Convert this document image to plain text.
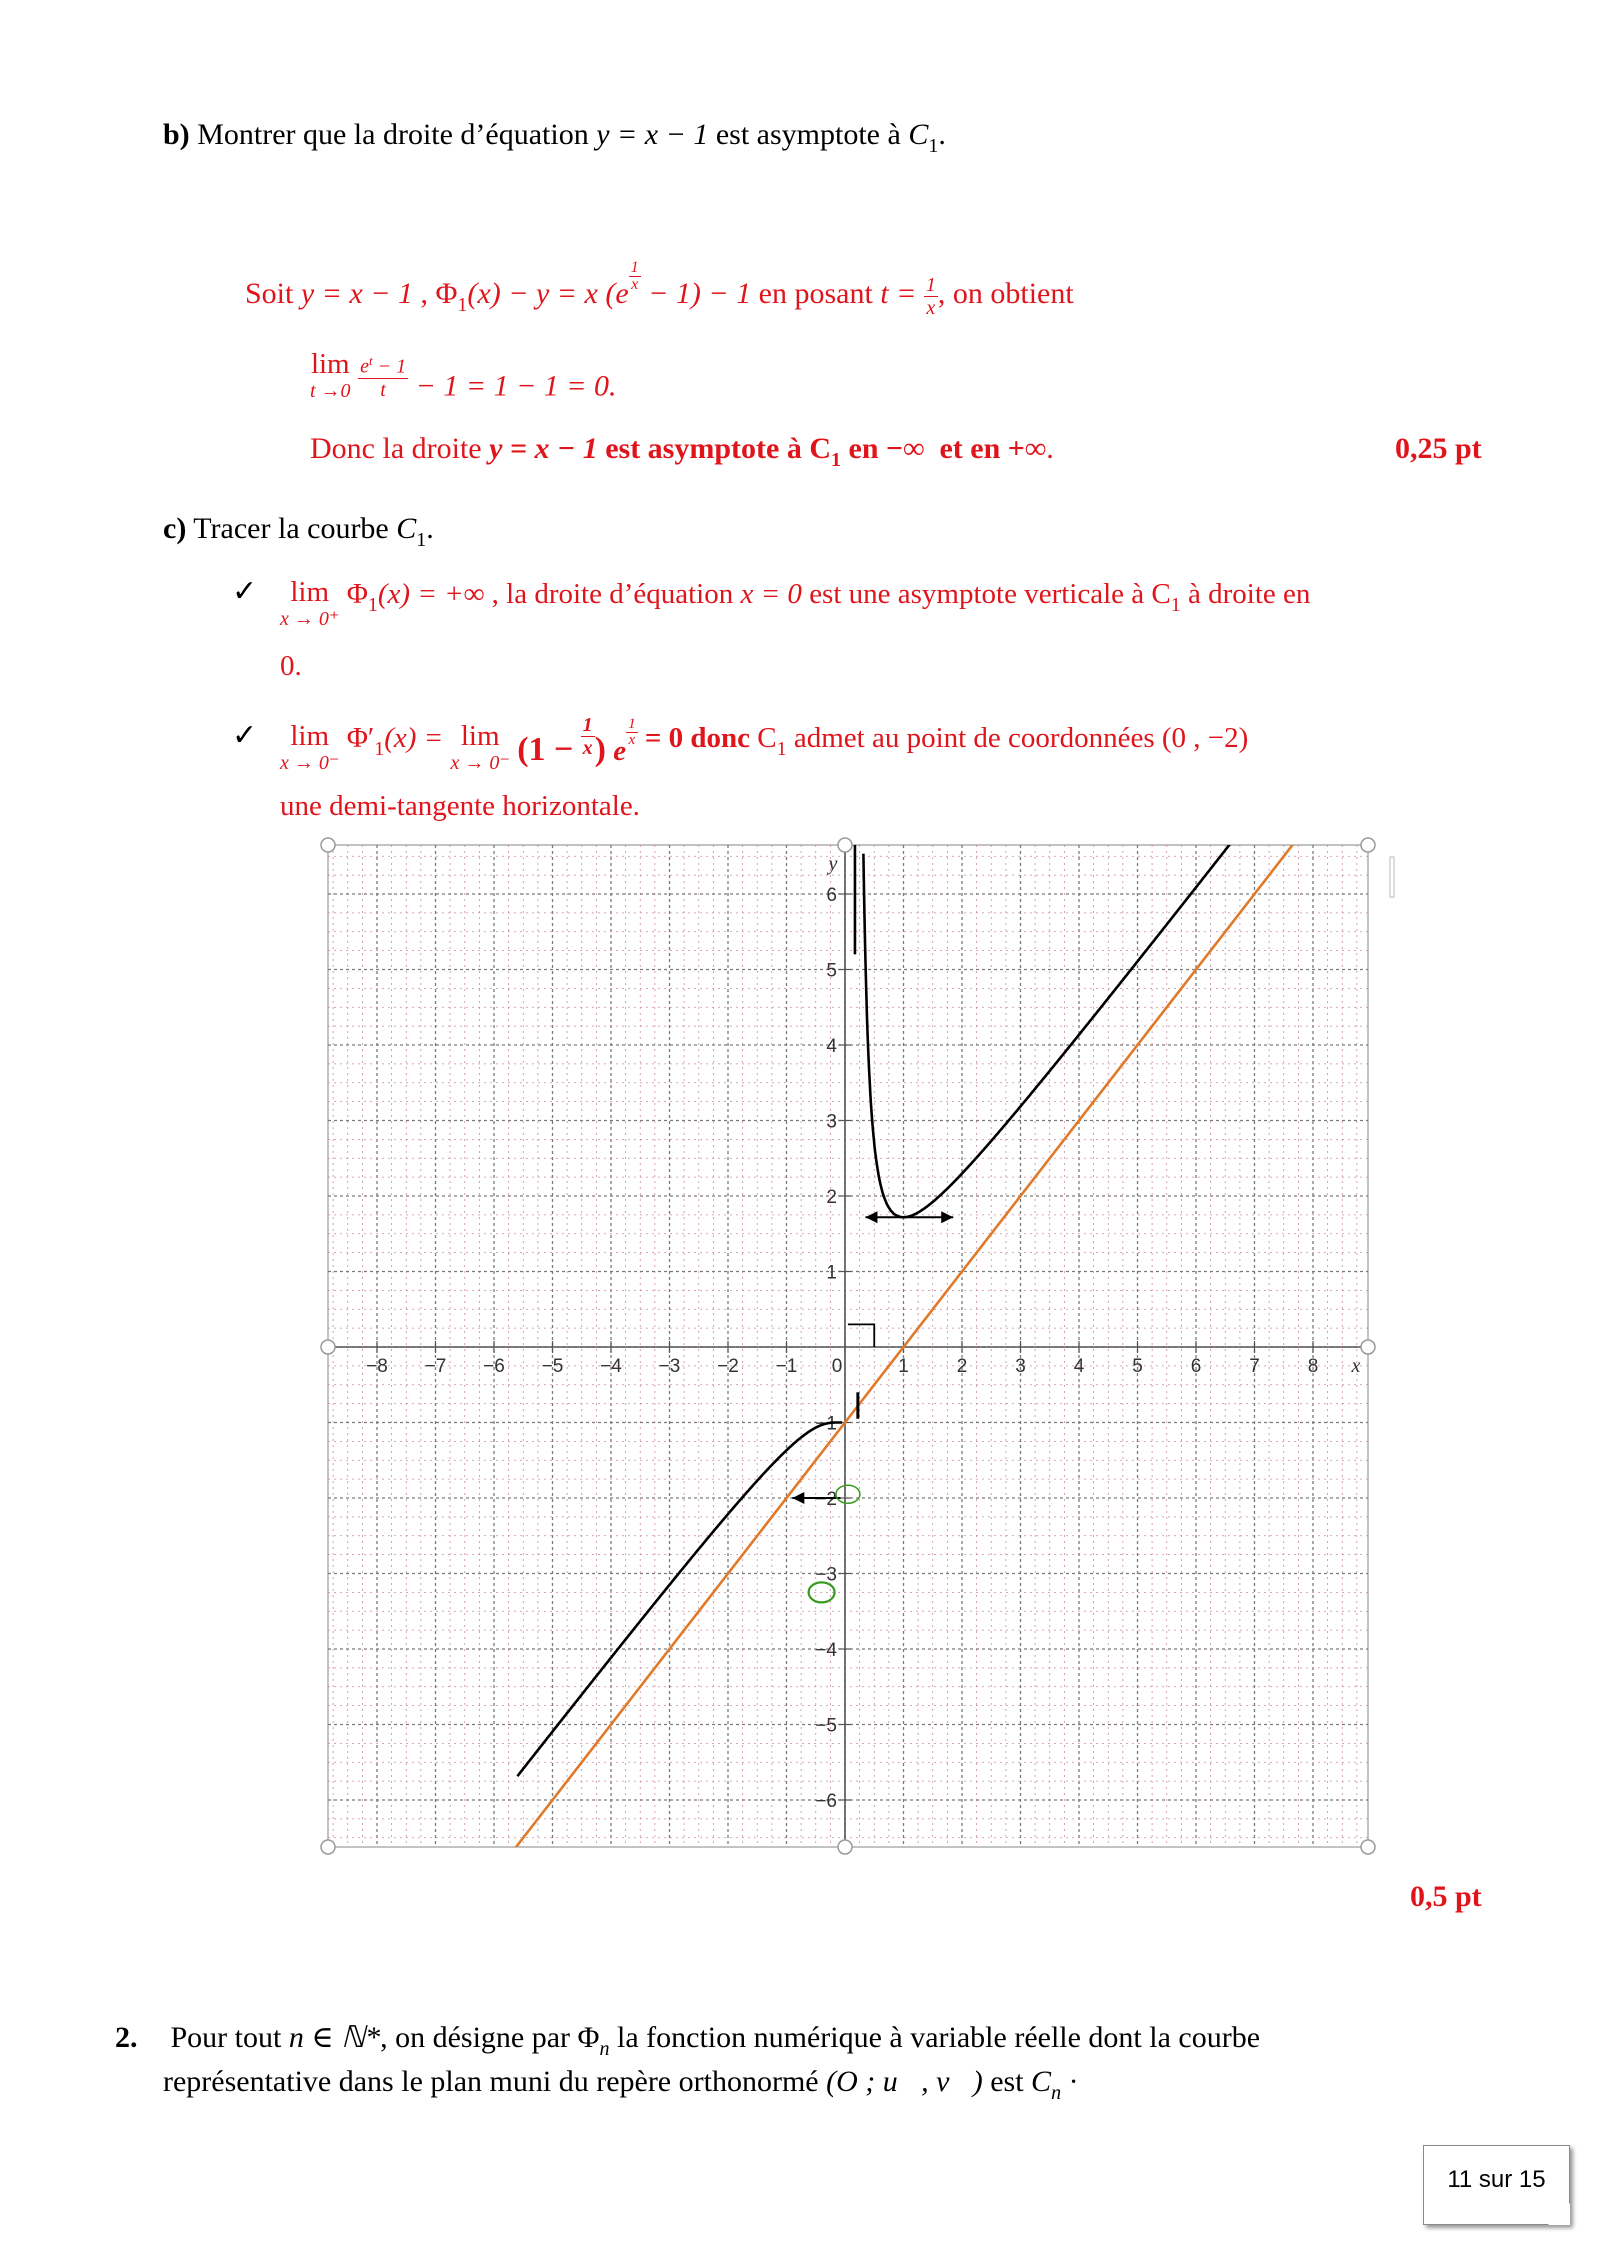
b) Montrer que la droite d’équation y = x − 1 est asymptote à $C_1$.
Soit y = x − 1 , $\Phi_1(x) - y = x$ (e
$\frac{1}{x}$
− 1) − 1 en posant $t = \frac{1}{x}$ , on obtient
lim
t →0
$\frac{e^t - 1}{t} - 1 = 1 - 1 = 0$.
Donc la droite y = x − 1 est asymptote à $C_1$ en −∞ et en +∞.	0,25 pt
c) Tracer la courbe $C_1$.
✓	lim
x → 0⁺
$\Phi_1(x)$ = +∞ , la droite d’équation x = 0 est une asymptote verticale à $C_1$ à droite en
0.
✓	lim
x → 0⁻
$\Phi'_1(x) = \lim$
x → 0⁻ ($1 - \frac{1}{x}$ ) e
$\frac{1}{x} = 0$ donc $C_1$ admet au point de coordonnées (0 , −2)
une demi-tangente horizontale.
−8 −7 −6 −5 −4 −3 −2 −1 0	1	2	3	4	5	6	7	8 x
1
2
3
4
5
6
−1
−2
−3
−4
−5
−6
y
0,5 pt
2. Pour tout n ∈ ℕ*, on désigne par $\Phi_n$ la fonction numérique à variable réelle dont la courbe
représentative dans le plan muni du repère orthonormé (O ; u⃗, v⃗) est $C_n$ ·
11 sur 15
